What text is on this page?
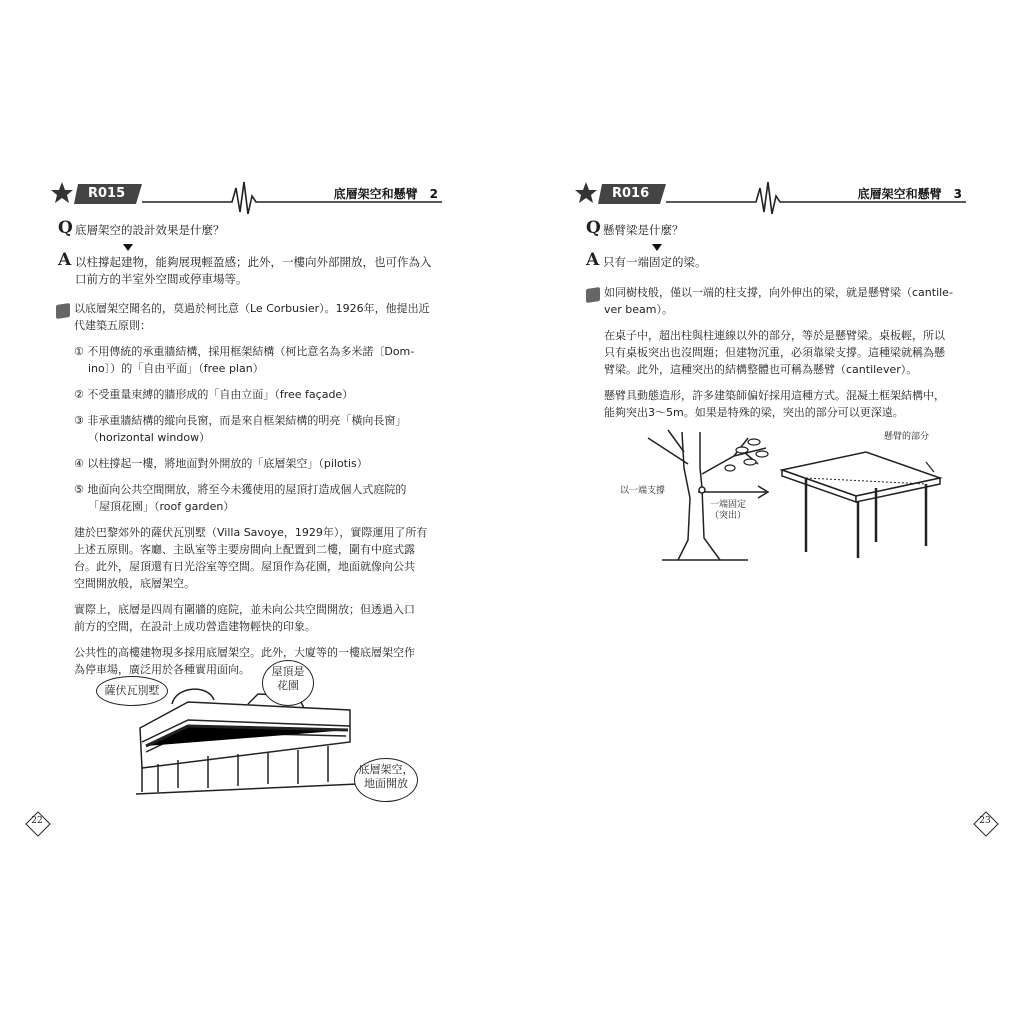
R015	底層架空和懸臂　 2
Q 底層架空的設計效果是什麼？
A 以柱撐起建物，能夠展現輕盈感；此外，一樓向外部開放，也可作為入
口前方的半室外空間或停車場等。

以底層架空聞名的，莫過於柯比意（Le Corbusier）。1926年，他提出近
代建築五原則：

① 不用傳統的承重牆結構，採用框架結構（柯比意名為多米諾〔Dom-
ino〕）的「自由平面」（free plan）
② 不受重量束縛的牆形成的「自由立面」（free façade）
③ 非承重牆結構的縱向長窗，而是來自框架結構的明亮「橫向長窗」
（horizontal window）
④ 以柱撐起一樓，將地面對外開放的「底層架空」（pilotis）
⑤ 地面向公共空間開放，將至今未獲使用的屋頂打造成個人式庭院的
「屋頂花園」（roof garden）

建於巴黎郊外的薩伏瓦別墅（Villa Savoye，1929年），實際運用了所有
上述五原則。客廳、主臥室等主要房間向上配置到二樓，圍有中庭式露
台。此外，屋頂還有日光浴室等空間。屋頂作為花園，地面就像向公共
空間開放般，底層架空。

實際上，底層是四周有圍牆的庭院，並未向公共空間開放；但透過入口
前方的空間，在設計上成功營造建物輕快的印象。

公共性的高樓建物現多採用底層架空。此外，大廈等的一樓底層架空作
為停車場，廣泛用於各種實用面向。

薩伏瓦別墅
屋頂是
花園
底層架空，
地面開放
22
R016	底層架空和懸臂　 3
Q 懸臂梁是什麼？
A 只有一端固定的梁。

如同樹枝般，僅以一端的柱支撐，向外伸出的梁，就是懸臂梁（cantile-
ver beam）。

在桌子中，超出柱與柱連線以外的部分，等於是懸臂梁。桌板輕，所以
只有桌板突出也沒問題；但建物沉重，必須靠梁支撐。這種梁就稱為懸
臂梁。此外，這種突出的結構整體也可稱為懸臂（cantilever）。

懸臂具動態造形，許多建築師偏好採用這種方式。混凝土框架結構中，
能夠突出3～5m。如果是特殊的梁，突出的部分可以更深遠。

以一端支撐
一端固定
（突出）
懸臂的部分
23
